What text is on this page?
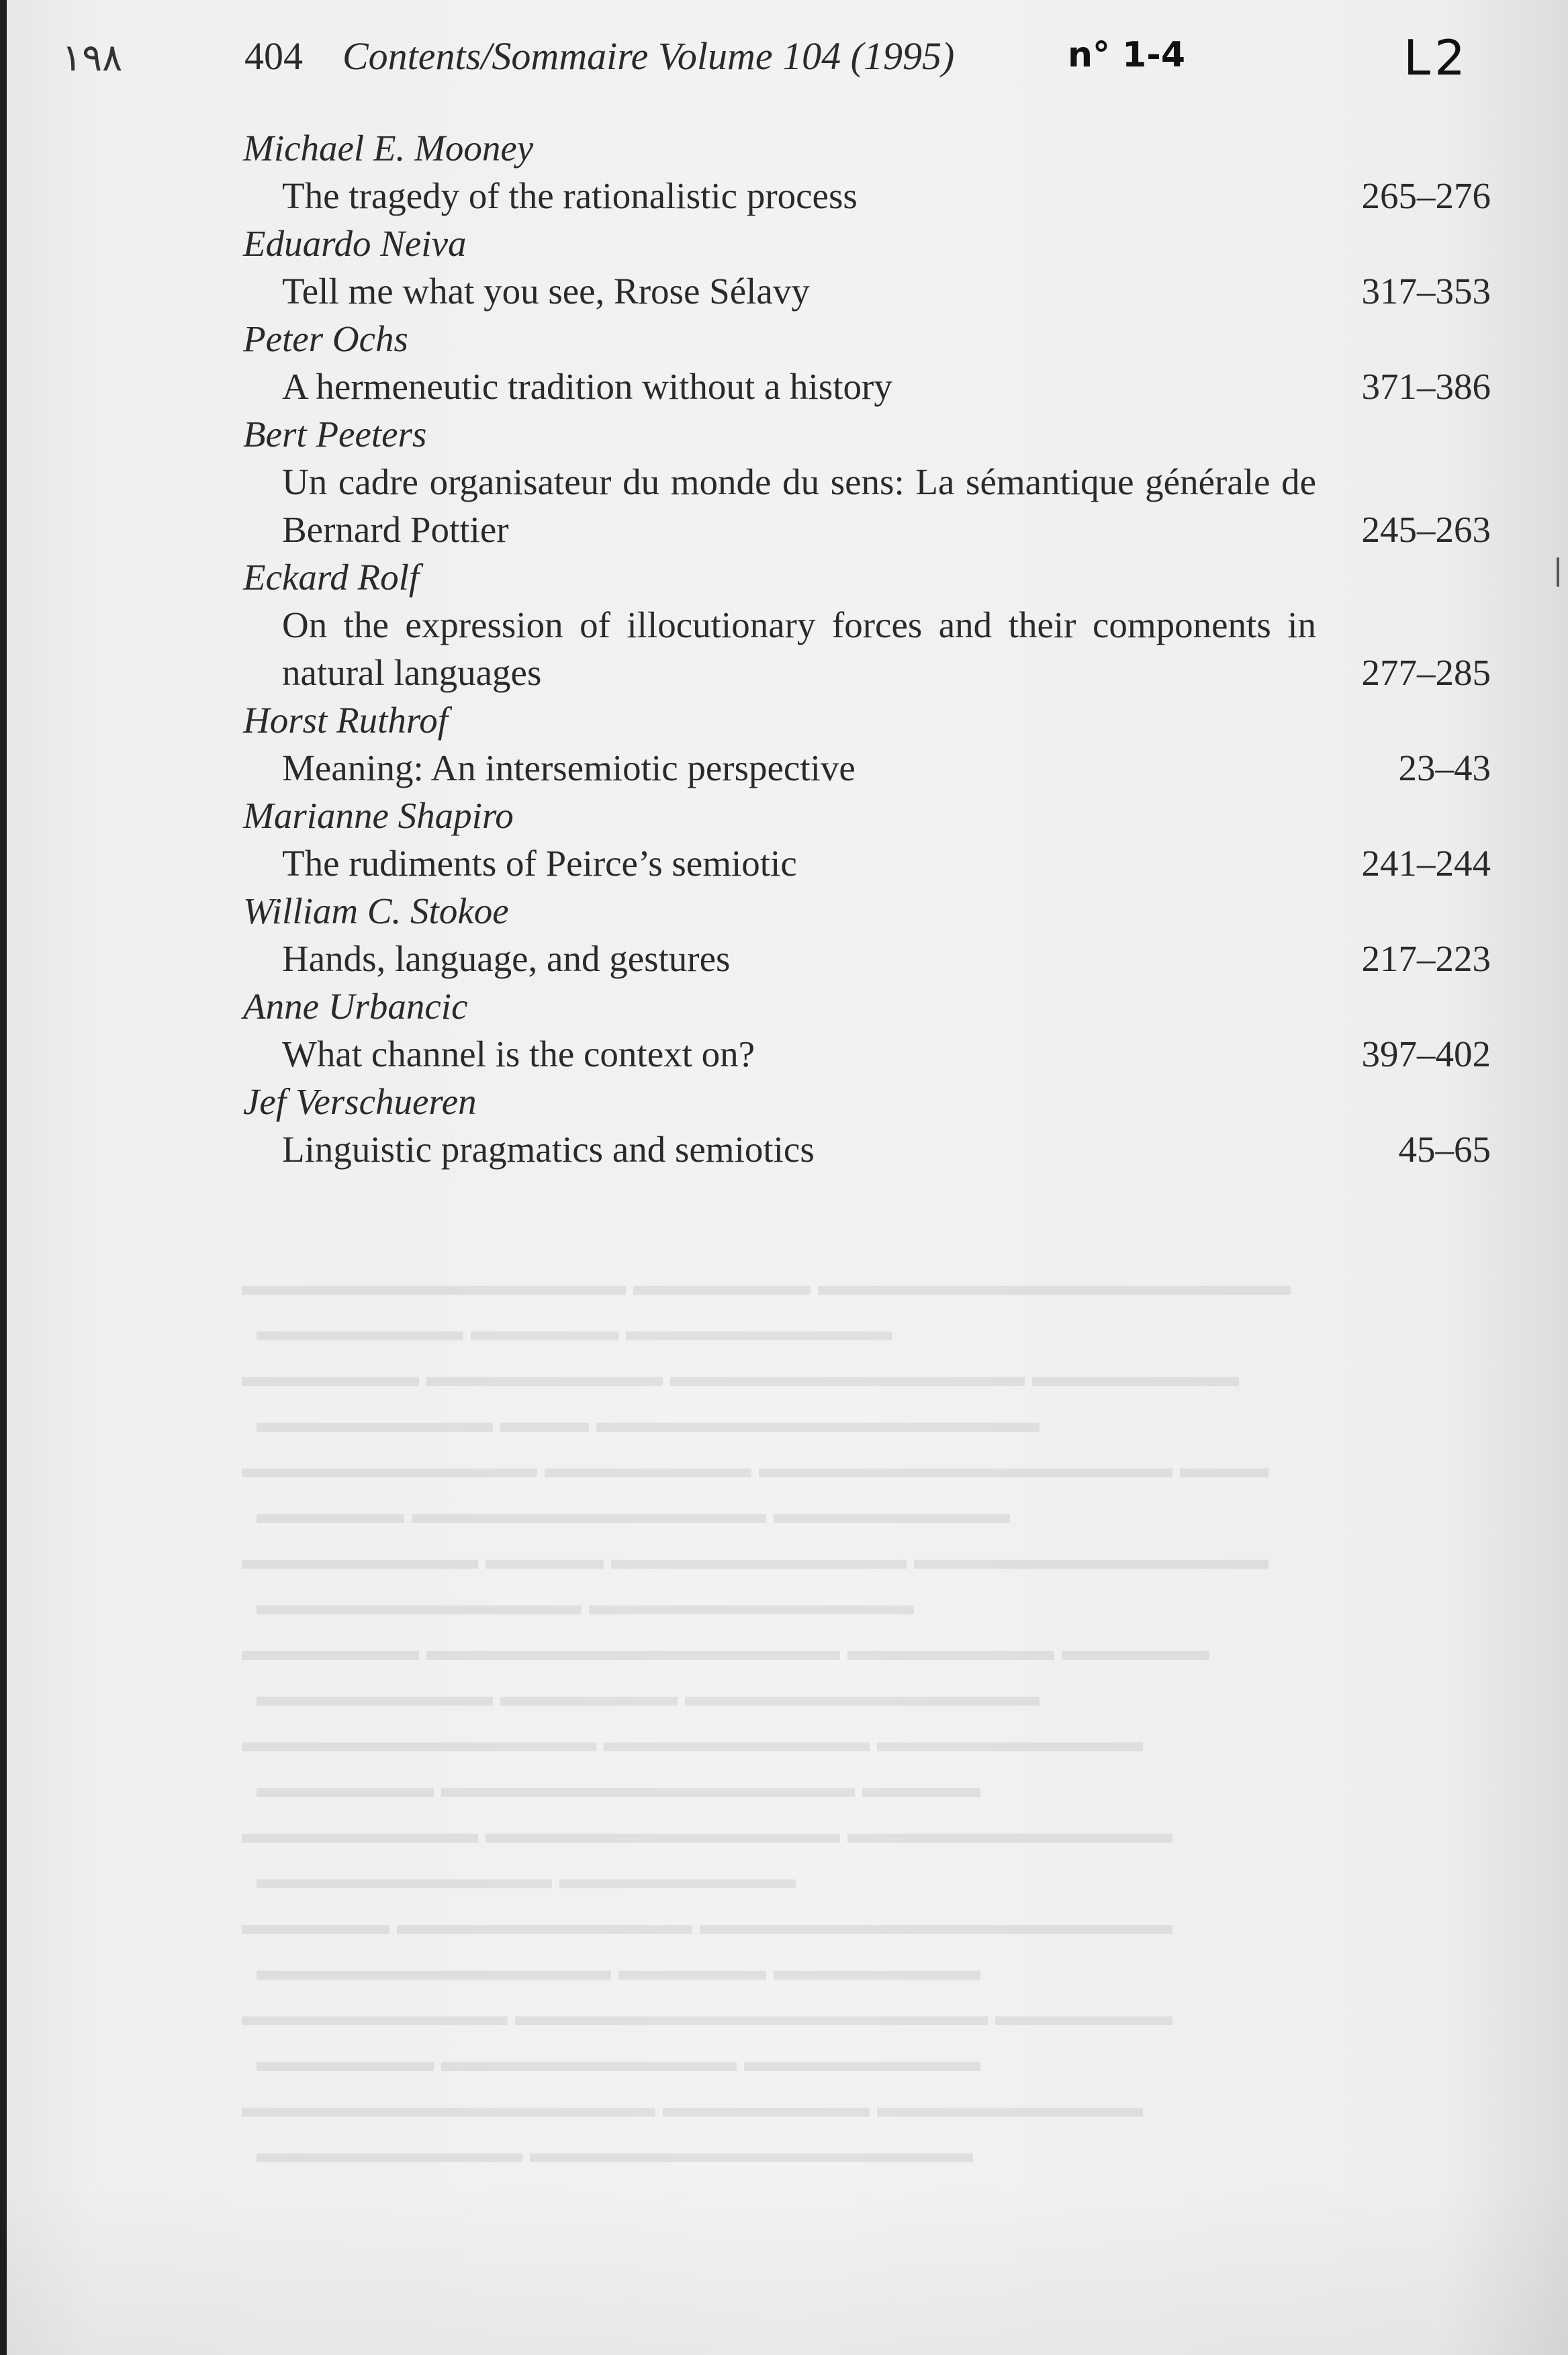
▬▬▬▬▬▬▬▬▬▬▬▬▬ ▬▬▬▬▬▬ ▬▬▬▬▬▬▬▬▬▬▬▬▬▬▬▬
▬▬▬▬▬▬▬ ▬▬▬▬▬ ▬▬▬▬▬▬▬▬▬
▬▬▬▬▬▬ ▬▬▬▬▬▬▬▬ ▬▬▬▬▬▬▬▬▬▬▬▬ ▬▬▬▬▬▬▬
▬▬▬▬▬▬▬▬ ▬▬▬ ▬▬▬▬▬▬▬▬▬▬▬▬▬▬▬
▬▬▬▬▬▬▬▬▬▬ ▬▬▬▬▬▬▬ ▬▬▬▬▬▬▬▬▬▬▬▬▬▬ ▬▬▬
▬▬▬▬▬ ▬▬▬▬▬▬▬▬▬▬▬▬ ▬▬▬▬▬▬▬▬
▬▬▬▬▬▬▬▬ ▬▬▬▬ ▬▬▬▬▬▬▬▬▬▬ ▬▬▬▬▬▬▬▬▬▬▬▬
▬▬▬▬▬▬▬▬▬▬▬ ▬▬▬▬▬▬▬▬▬▬▬
▬▬▬▬▬▬ ▬▬▬▬▬▬▬▬▬▬▬▬▬▬ ▬▬▬▬▬▬▬ ▬▬▬▬▬
▬▬▬▬▬▬▬▬ ▬▬▬▬▬▬ ▬▬▬▬▬▬▬▬▬▬▬▬
▬▬▬▬▬▬▬▬▬▬▬▬ ▬▬▬▬▬▬▬▬▬ ▬▬▬▬▬▬▬▬▬
▬▬▬▬▬▬ ▬▬▬▬▬▬▬▬▬▬▬▬▬▬ ▬▬▬▬
▬▬▬▬▬▬▬▬ ▬▬▬▬▬▬▬▬▬▬▬▬ ▬▬▬▬▬▬▬▬▬▬▬
▬▬▬▬▬▬▬▬▬▬ ▬▬▬▬▬▬▬▬
▬▬▬▬▬ ▬▬▬▬▬▬▬▬▬▬ ▬▬▬▬▬▬▬▬▬▬▬▬▬▬▬▬
▬▬▬▬▬▬▬▬▬▬▬▬ ▬▬▬▬▬ ▬▬▬▬▬▬▬
▬▬▬▬▬▬▬▬▬ ▬▬▬▬▬▬▬▬▬▬▬▬▬▬▬▬ ▬▬▬▬▬▬
▬▬▬▬▬▬ ▬▬▬▬▬▬▬▬▬▬ ▬▬▬▬▬▬▬▬
▬▬▬▬▬▬▬▬▬▬▬▬▬▬ ▬▬▬▬▬▬▬ ▬▬▬▬▬▬▬▬▬
▬▬▬▬▬▬▬▬▬ ▬▬▬▬▬▬▬▬▬▬▬▬▬▬▬
١٩٨	404 Contents/Sommaire Volume 104 (1995)	n° 1-4	L2
Michael E. Mooney
The tragedy of the rationalistic process	265–276
Eduardo Neiva
Tell me what you see, Rrose Sélavy	317–353
Peter Ochs
A hermeneutic tradition without a history	371–386
Bert Peeters
Un cadre organisateur du monde du sens: La sémantique générale de Bernard Pottier	245–263
Eckard Rolf
On the expression of illocutionary forces and their components in natural languages	277–285
Horst Ruthrof
Meaning: An intersemiotic perspective	23–43
Marianne Shapiro
The rudiments of Peirce’s semiotic	241–244
William C. Stokoe
Hands, language, and gestures	217–223
Anne Urbancic
What channel is the context on?	397–402
Jef Verschueren
Linguistic pragmatics and semiotics	45–65
